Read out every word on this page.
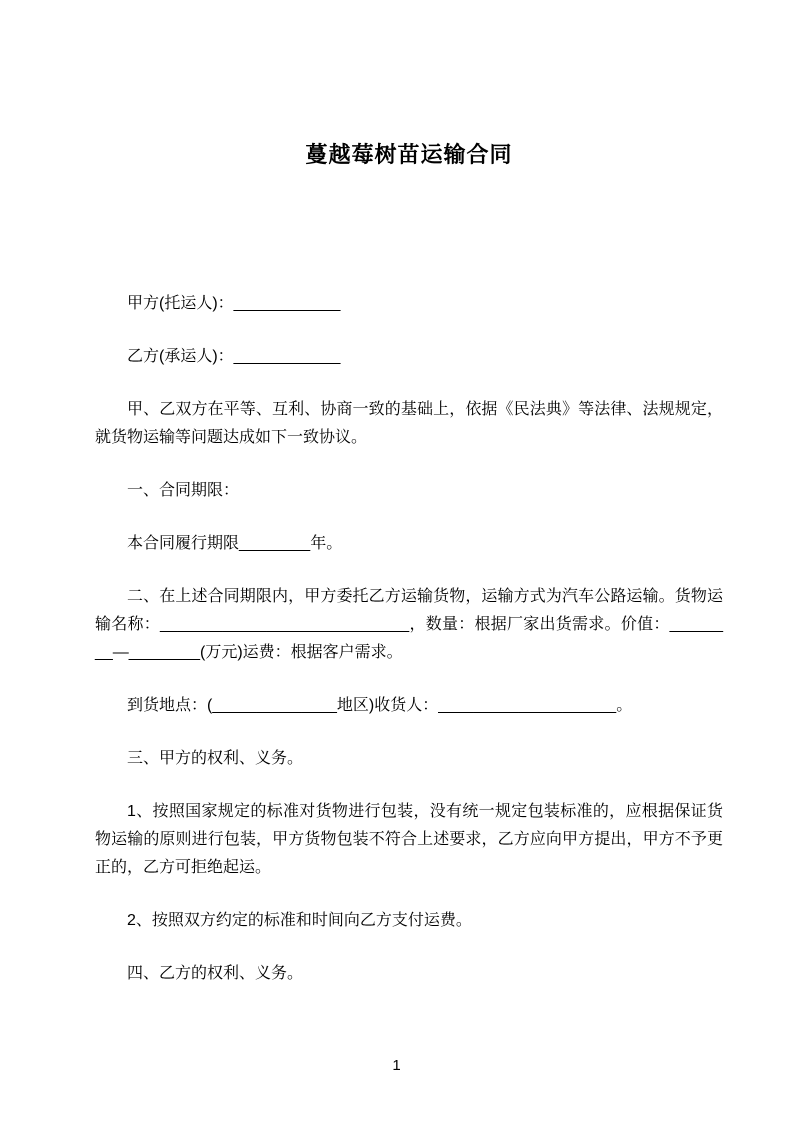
蔓越莓树苗运输合同

甲方(托运人)：____________

乙方(承运人)：____________

甲、乙双方在平等、互利、协商一致的基础上，依据《民法典》等法律、法规规定，就货物运输等问题达成如下一致协议。

一、合同期限：

本合同履行期限________年。

二、在上述合同期限内，甲方委托乙方运输货物，运输方式为汽车公路运输。货物运输名称：____________________________，数量：根据厂家出货需求。价值：________—________(万元)运费：根据客户需求。

到货地点：(______________地区)收货人：____________________。

三、甲方的权利、义务。

1、按照国家规定的标准对货物进行包装，没有统一规定包装标准的，应根据保证货物运输的原则进行包装，甲方货物包装不符合上述要求，乙方应向甲方提出，甲方不予更正的，乙方可拒绝起运。

2、按照双方约定的标准和时间向乙方支付运费。

四、乙方的权利、义务。

1
